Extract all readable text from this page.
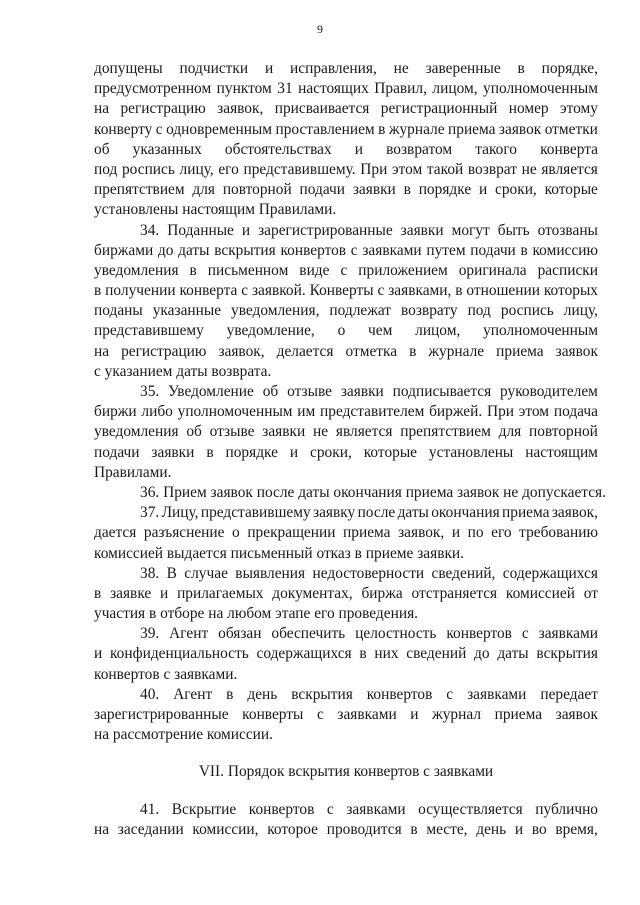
9
допущены подчистки и исправления, не заверенные в порядке,
предусмотренном пунктом 31 настоящих Правил, лицом, уполномоченным
на регистрацию заявок, присваивается регистрационный номер этому
конверту с одновременным проставлением в журнале приема заявок отметки
об указанных обстоятельствах и возвратом такого конверта
под роспись лицу, его представившему. При этом такой возврат не является
препятствием для повторной подачи заявки в порядке и сроки, которые
установлены настоящим Правилами.
34. Поданные и зарегистрированные заявки могут быть отозваны
биржами до даты вскрытия конвертов с заявками путем подачи в комиссию
уведомления в письменном виде с приложением оригинала расписки
в получении конверта с заявкой. Конверты с заявками, в отношении которых
поданы указанные уведомления, подлежат возврату под роспись лицу,
представившему уведомление, о чем лицом, уполномоченным
на регистрацию заявок, делается отметка в журнале приема заявок
с указанием даты возврата.
35. Уведомление об отзыве заявки подписывается руководителем
биржи либо уполномоченным им представителем биржей. При этом подача
уведомления об отзыве заявки не является препятствием для повторной
подачи заявки в порядке и сроки, которые установлены настоящим
Правилами.
36. Прием заявок после даты окончания приема заявок не допускается.
37. Лицу, представившему заявку после даты окончания приема заявок,
дается разъяснение о прекращении приема заявок, и по его требованию
комиссией выдается письменный отказ в приеме заявки.
38. В случае выявления недостоверности сведений, содержащихся
в заявке и прилагаемых документах, биржа отстраняется комиссией от
участия в отборе на любом этапе его проведения.
39. Агент обязан обеспечить целостность конвертов с заявками
и конфиденциальность содержащихся в них сведений до даты вскрытия
конвертов с заявками.
40. Агент в день вскрытия конвертов с заявками передает
зарегистрированные конверты с заявками и журнал приема заявок
на рассмотрение комиссии.
VII. Порядок вскрытия конвертов с заявками
41. Вскрытие конвертов с заявками осуществляется публично
на заседании комиссии, которое проводится в месте, день и во время,
